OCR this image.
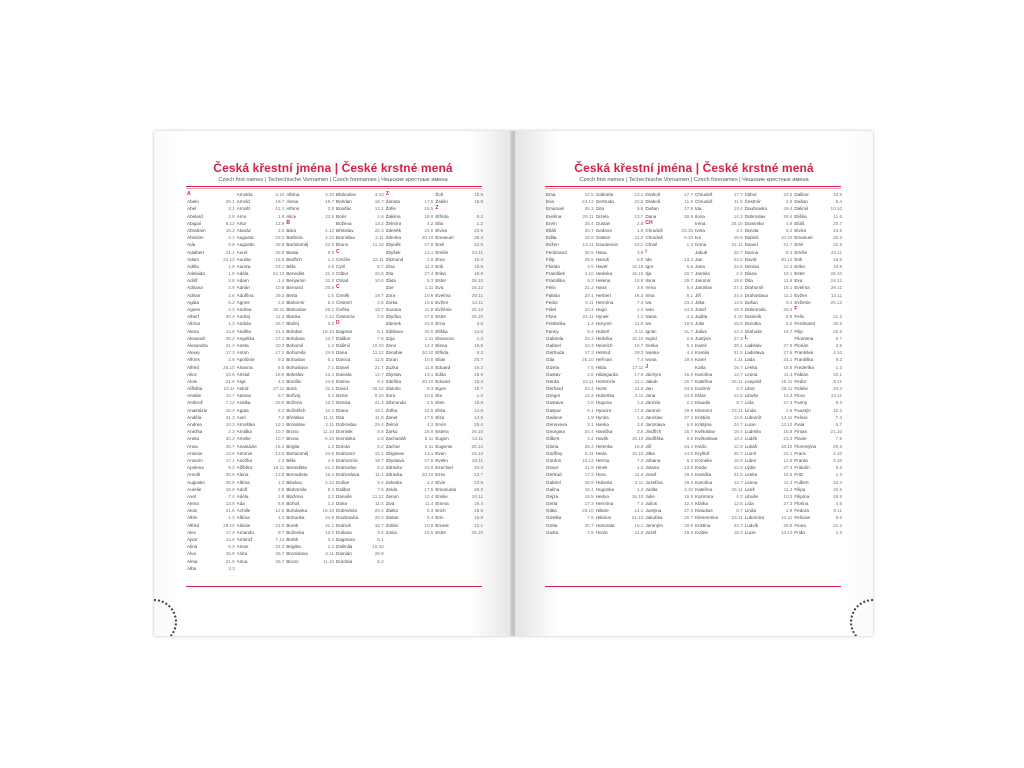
Česká křestní jména | České krstné mená
Czech first names | Tschechische Vornamen | Czech forenames | Чешские крестные имена
A
Abelo	26.1
Abel	3.1
Abelard	2.8
Abigail	6.12
Abraham	16.3
Absolon	2.1
Ada	6.8
Adalbert	21.1
Adam	24.12
Adéla	1.9
Adelaida	1.9
Adolf	2.8
Adriana	2.6
Adrian	2.6
Agáta	5.2
Agnes	2.3
Albert	20.4
Albína	1.3
Alena	13.8
Alexandr	26.2
Alexandra	21.4
Alexej	17.3
Alfons	2.8
Alfréd	28.10
Alice	23.6
Alois	21.6
Alžběta	19.11
Amálie	10.7
Ambrož	7.12
Anastázie	15.4
Anděla	31.3
Andrea	10.3
Anežka	2.3
Aneta	20.3
Anna	26.7
Antonie	13.6
Antonín	17.1
Apolena	9.2
Arnošt	30.6
Augustin	28.8
Aurelie	16.6
Axel	7.4
Alena	13.8
Alois	21.6
Albín	1.3
Alfréd	28.10
Alex	17.3
Ajvar	13.6
Alina	6.3
Alva	26.9
Alma	21.6
Alba	3.3
Arnolda	3.10
Arnold	18.7
Arnošt	12.1
Arno	1.6
Artur	12.9
Atanáz	2.5
Augusta	29.2
Augustin	28.8
Aurel	25.9
Aurelie	16.6
Aurora	23.1
Adéla	24.12
Adam	1.4
Adrián	10.8
Adolfína	29.3
Agnes	2.3
Andrea	30.11
Andrej	11.4
Andula	26.7
Anděla	31.3
Angelika	27.1
Aneta	20.3
Anton	17.1
Apolónie	9.2
Arianna	5.5
Aristid	18.9
Asja	4.3
Astrid	27.11
Atanas	8.7
Azalka	29.5
Agata	5.2
Axel	7.4
Arnoštka	12.1
Amálka	10.7
Amelie	10.7
Anastázie	15.4
Antonie	13.6
Anežka	2.3
Alžběta	19.11
Alena	13.8
Albína	1.3
Adolf	2.8
Adéla	1.9
Ada	6.8
Achille	12.5
Albína	1.3
Aloisie	21.6
Amanda	9.7
Ambrož	7.12
Amos	31.3
Anita	26.7
Anna	26.7
Albína	3.10
Alena	18.7
Alfons	2.8
Alice	23.6
B
Bára	4.12
Barbora	4.12
Bartoloměj	24.8
Beata	9.8
Bedřich	1.3
Běla	4.6
Benedikt	21.3
Benjamin	31.3
Bernard	20.8
Berta	1.5
Blahomír	8.4
Blahoslav	29.1
Blanka	2.12
Blažej	3.2
Bohdan	18.10
Bohdana	14.7
Bohumil	1.2
Bohumila	24.9
Bohuslav	5.1
Bohuslava	7.1
Boleslav	13.4
Bonifác	14.5
Boris	31.1
Bořivoj	3.4
Božena	13.2
Božetěch	10.4
Břetislav	11.11
Bronislav	2.11
Bruno	11.10
Bruna	6.10
Brigita	1.2
Bartoloměj	24.8
Běla	4.6
Benedikta	21.3
Bernadeta	16.4
Bibiána	2.12
Blahomila	8.4
Blažena	3.2
Bohuš	1.2
Bohdanka	18.10
Bohunka	24.9
Borek	31.1
Boženka	13.2
Bořek	3.4
Brigitta	1.2
Bronislava	2.11
Bruno	11.10
Blahoslav	3.10
Bohdan	18.7
Bonifác	12.1
Boris	1.6
Božena	13.2
Břetislav	22.3
Bronislav	2.11
Bruno	11.10
C
Cecílie	22.11
Cyril	5.7
Ctibor	23.5
Ctirad	10.6
Č
Čeněk	19.7
Čestmír	2.6
Čeňka	19.7
Čestmíra	2.6
D
Dagmar	6.1
Dalibor	7.6
Dalimil	10.10
Dana	11.12
Danica	12.5
Daniel	21.7
Daniela	12.7
Darina	8.4
David	30.12
Denis	9.10
Denisa	21.4
Diana	19.1
Dita	11.9
Dobroslav	29.4
Dominik	8.8
Dominika	4.8
Dorota	6.2
Drahomír	15.1
Drahomíra	18.7
Drahoslav	5.2
Drahoslava	11.1
Dušan	9.4
Dalibor	7.6
Danuše	11.12
Daria	11.4
Dobromila	29.4
Doubravka	29.4
Drahoš	18.7
Dušana	9.4
Dagmara	6.1
Dalimila	10.10
Damián	26.9
Dorotea	6.2
Ž
Žaneta	17.5
Žofie	15.5
Žaklina	18.9
Želmíra	4.2
Zdeněk	23.6
Zdenka	20.10
Zbyněk	27.8
Zbyšek	13.1
Zikmund	2.5
Zina	11.4
Zita	27.4
Zlata	5.3
Zoe	1.11
Zora	10.6
Zorka	10.6
Zuzana	11.8
Zbyňka	27.8
Zdenek	23.6
Zdislava	30.5
Zoja	1.11
Zeno	12.4
Zenobie	30.10
Zoran	10.6
Zuzka	11.8
Zbyslav	13.1
Zdeňka	20.10
Zlatuše	5.3
Zora	10.6
Zikmunda	2.5
Žofka	15.5
Žanet	17.5
Želmír	4.2
Žarko	18.9
Zachariáš	5.11
Zachar	5.11
Zbigniew	13.1
Zbyslava	27.8
Zdravko	23.6
Zdravka	20.10
Zelenka	4.2
Zelda	17.5
Zenon	12.4
Ziva	11.4
Zlatko	5.3
Zlatan	5.3
Zoltán	10.6
Zosia	15.5
Žolt	15.5
Žaklín	18.9
Ž
Elfrída	8.3
Ella	1.2
Elvíra	23.5
Emanuel	26.3
Emil	22.5
Emílie	24.11
Ema	19.4
Erik	18.5
Erika	19.8
Ester	26.10
Eva	24.12
Evelína	29.11
Evžen	13.11
Evžénie	25.12
Ester	26.10
Erna	3.8
Eliška	14.6
Eleonora	1.3
Elena	18.8
Elfrida	8.3
Elias	20.7
Eduard	18.3
Edita	16.9
Edvard	18.3
Egon	15.7
Ela	1.2
Elen	18.8
Elisa	14.6
Elza	14.6
Ervín	25.4
Estera	26.10
Eugen	13.11
Eugenie	25.12
Evan	24.12
Evelin	29.11
Ezechiel	10.4
Ezra	13.7
Elvis	23.5
Emanuela	26.3
Emilie	24.11
Emma	19.4
Erich	18.5
Erin	19.8
Ernest	12.1
Ester	26.10
Česká křestní jména | České krstné mená
Czech first names | Tschechische Vornamen | Czech forenames | Чешские крестные имена
Ema	12.5
Eva	24.12
Emanuel	26.3
Evelína	29.11
Ervín	25.4
Eliáš	20.7
Edita	16.9
Evžen	13.11
Ferdinand	30.5
Filip	26.5
Florián	4.5
František	4.10
Františka	9.3
Felix	21.2
Fabián	20.1
Fedor	9.11
Fidel	24.4
Flora	24.11
Frederika	1.3
Fanny	9.3
Gabriela	24.3
Gabriel	24.3
Gertruda	17.3
Gita	25.10
Gizela	7.5
Gustav	2.8
Gerda	23.11
Gerhard	23.4
Gregor	12.3
Gustava	2.8
Gaspar	6.1
Gedeon	1.9
Genoveva	3.1
Georgina	24.4
Gilbert	4.2
Gloria	25.3
Godfrey	8.11
Gordon	10.12
Grace	21.8
Gertrud	17.3
Gabriel	29.9
Galina	16.4
Gejza	15.5
Gerta	17.3
Gitka	25.10
Gizelka	7.5
Greta	20.7
Gusta	2.8
Gabriela	13.1
Gertruda	22.3
Gita	5.8
Gizela	13.7
Gustav	2.8
Gedeon	1.9
Gaston	11.2
Gaudencie	22.1
Hana	3.8
Hanuš	6.8
Havel	16.10
Hedvika	15.10
Helena	18.8
Hana	3.8
Herbert	16.3
Hermína	7.4
Hugo	1.4
Hynek	1.2
Horymír	11.6
Hubert	3.11
Hedvika	15.10
Heinrich	15.7
Helmut	29.3
Heřman	7.4
Hilda	17.11
Hildegarda	17.9
Hortenzie	11.1
Horst	11.6
Hubertka	3.11
Hugona	1.4
Hyacint	17.8
Hynka	1.2
Hanka	3.8
Hanička	3.8
Havlík	16.10
Helenka	18.8
Heda	15.10
Herma	7.4
Hinek	1.2
Hora	11.6
Huberta	3.11
Hugonka	1.4
Hedva	15.10
Hermína	7.4
Hilarie	14.1
Hilarion	21.10
Honorata	16.1
Horác	11.6
Drahoš	17.7
Drahoš	11.9
Dušan	17.9
Dana	30.9
CH
Chrudoš	23.10
Chrudoš	9.10
Chval	1.3
I
Ida	13.4
Igor	5.6
Ilja	20.7
Ilona	29.7
Irena	5.4
Irma	9.1
Iva	23.4
Ivan	24.6
Ivana	4.4
Ivo	19.5
Ignác	31.7
Ingrid	2.9
Irenka	5.4
Ivanka	4.4
Ivona	19.5
J
Jáchym	16.8
Jakub	25.7
Jan	24.6
Jana	24.5
Jarmila	2.2
Jaromír	19.8
Jaroslav	27.4
Jaroslava	6.6
Jindřich	15.7
Jindřiška	9.8
Jiří	24.4
Jitka	14.5
Johana	8.3
Jolana	13.8
Josef	19.3
Jozefína	19.3
Judita	3.10
Julie	16.8
Julius	12.4
Justýna	27.3
Jakubka	25.7
Jeroným	30.9
Jozef	19.3
Chrudoš	17.7
Chrudoš	11.9
Ida	13.4
Ilona	14.3
Irena	20.10
Iveta	3.4
Ivo	19.5
Ivona	22.11
Jakub	25.7
Jan	24.6
Jana	24.5
Jarmila	2.2
Jaromír	19.8
Jaroslav	27.4
Jiří	24.4
Jitka	14.5
Josef	19.3
Judita	3.10
Julie	16.8
Julius	12.4
Justýna	27.3
Kamil	25.1
Kamila	31.5
Karel	4.11
Karla	16.7
Karolína	14.7
Kateřina	25.11
Kazimír	4.3
Klára	12.8
Klaudie	8.7
Klement	23.11
Kristián	14.6
Kristýna	24.7
Květoslav	18.4
Květoslava	10.2
Kvido	12.9
Kryštof	25.7
Kornelie	16.9
Kvida	12.9
Kamilka	31.5
Karolína	14.7
Kateřina	25.11
Kazimíra	4.3
Klárka	12.8
Klaudius	8.7
Klementina	23.11
Kristina	24.7
Kvítek	18.4
Ctibor	23.5
Čestmír	2.6
Doubravka	29.4
Dobroslav	29.4
Dominika	4.8
Dorota	6.2
Dalimil	10.10
Daniel	21.7
Darina	8.4
David	30.12
Denisa	21.4
Diana	19.1
Dita	11.9
Drahomír	15.1
Drahoslava	11.1
Dušan	9.4
Dobromila	29.4
Dominik	8.8
Dorotka	6.2
Drahuše	18.7
L
Ladislav	27.6
Ladislava	27.6
Lada	24.1
Lenka	18.8
Leona	11.4
Leopold	15.11
Libor	26.11
Libuše	10.3
Lída	27.3
Linda	1.9
Lubomír	14.11
Lucie	13.12
Ludmila	16.9
Luděk	23.3
Lukáš	18.10
Lumír	22.1
Lubor	12.5
Lýdie	27.3
Lenka	18.8
Leona	11.4
Leoš	11.4
Libuše	10.3
Lída	27.3
Linda	1.9
Lubomíra	14.11
Ludvík	25.8
Lucie	13.12
Dalibor	10.5
Dušan	9.4
Dalimil	10.10
Eliška	11.6
Eliáš	20.7
Elvíra	23.5
Emanuel	26.3
Emil	22.5
Emílie	24.11
Erik	18.5
Erika	19.8
Ester	26.10
Eva	24.12
Evelína	29.11
Evžen	13.11
Evženie	25.12
F
Felix	21.2
Ferdinand	30.5
Filip	26.5
Filomena	5.7
Florián	4.5
František	4.10
Františka	9.3
Frederika	1.3
Fabián	20.1
Fedor	9.11
Fidelie	24.4
Flora	24.11
Fanny	9.3
Faustýn	15.2
Felicie	7.3
Fiala	5.7
Fintan	21.10
Flavie	7.5
Florentýna	20.6
Franc	4.10
Franta	4.10
Fridolín	6.3
Fritz	1.3
Fulbert	10.4
Filipa	26.5
Filipína	26.5
Florina	4.5
Fedora	9.11
Felician	9.6
Fiona	21.2
Frida	1.3
